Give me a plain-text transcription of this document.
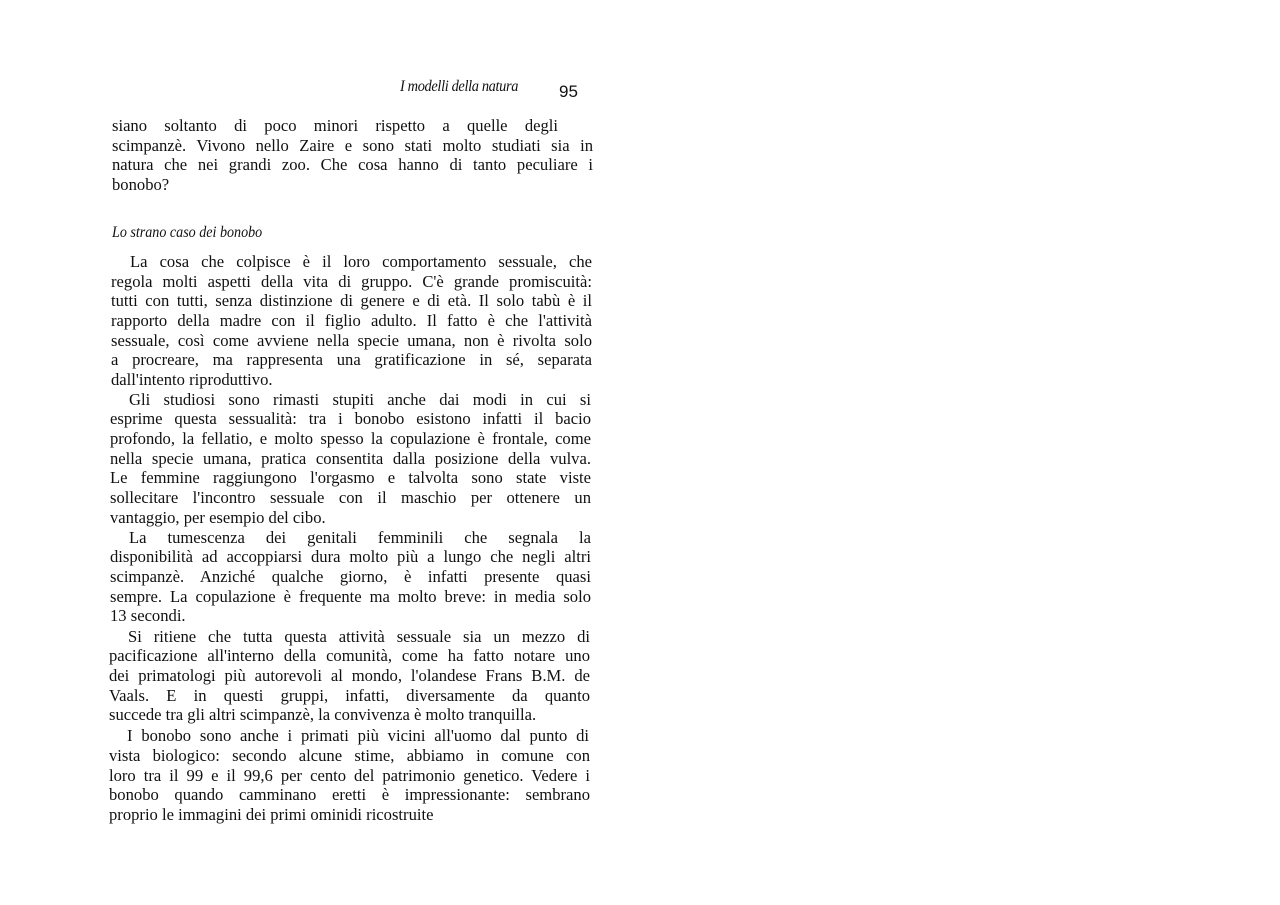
I modelli della natura 95
siano soltanto di poco minori rispetto a quelle degli
scimpanzè. Vivono nello Zaire e sono stati molto studiati sia in
natura che nei grandi zoo. Che cosa hanno di tanto peculiare i
bonobo?
Lo strano caso dei bonobo
La cosa che colpisce è il loro comportamento sessuale, che
regola molti aspetti della vita di gruppo. C'è grande promiscuità:
tutti con tutti, senza distinzione di genere e di età. Il solo tabù è il
rapporto della madre con il figlio adulto. Il fatto è che l'attività
sessuale, così come avviene nella specie umana, non è rivolta solo
a procreare, ma rappresenta una gratificazione in sé, separata
dall'intento riproduttivo.
Gli studiosi sono rimasti stupiti anche dai modi in cui si
esprime questa sessualità: tra i bonobo esistono infatti il bacio
profondo, la fellatio, e molto spesso la copulazione è frontale, come
nella specie umana, pratica consentita dalla posizione della vulva.
Le femmine raggiungono l'orgasmo e talvolta sono state viste
sollecitare l'incontro sessuale con il maschio per ottenere un
vantaggio, per esempio del cibo.
La tumescenza dei genitali femminili che segnala la
disponibilità ad accoppiarsi dura molto più a lungo che negli altri
scimpanzè. Anziché qualche giorno, è infatti presente quasi
sempre. La copulazione è frequente ma molto breve: in media solo
13 secondi.
Si ritiene che tutta questa attività sessuale sia un mezzo di
pacificazione all'interno della comunità, come ha fatto notare uno
dei primatologi più autorevoli al mondo, l'olandese Frans B.M. de
Vaals. E in questi gruppi, infatti, diversamente da quanto
succede tra gli altri scimpanzè, la convivenza è molto tranquilla.
I bonobo sono anche i primati più vicini all'uomo dal punto di
vista biologico: secondo alcune stime, abbiamo in comune con
loro tra il 99 e il 99,6 per cento del patrimonio genetico. Vedere i
bonobo quando camminano eretti è impressionante: sembrano
proprio le immagini dei primi ominidi ricostruite
